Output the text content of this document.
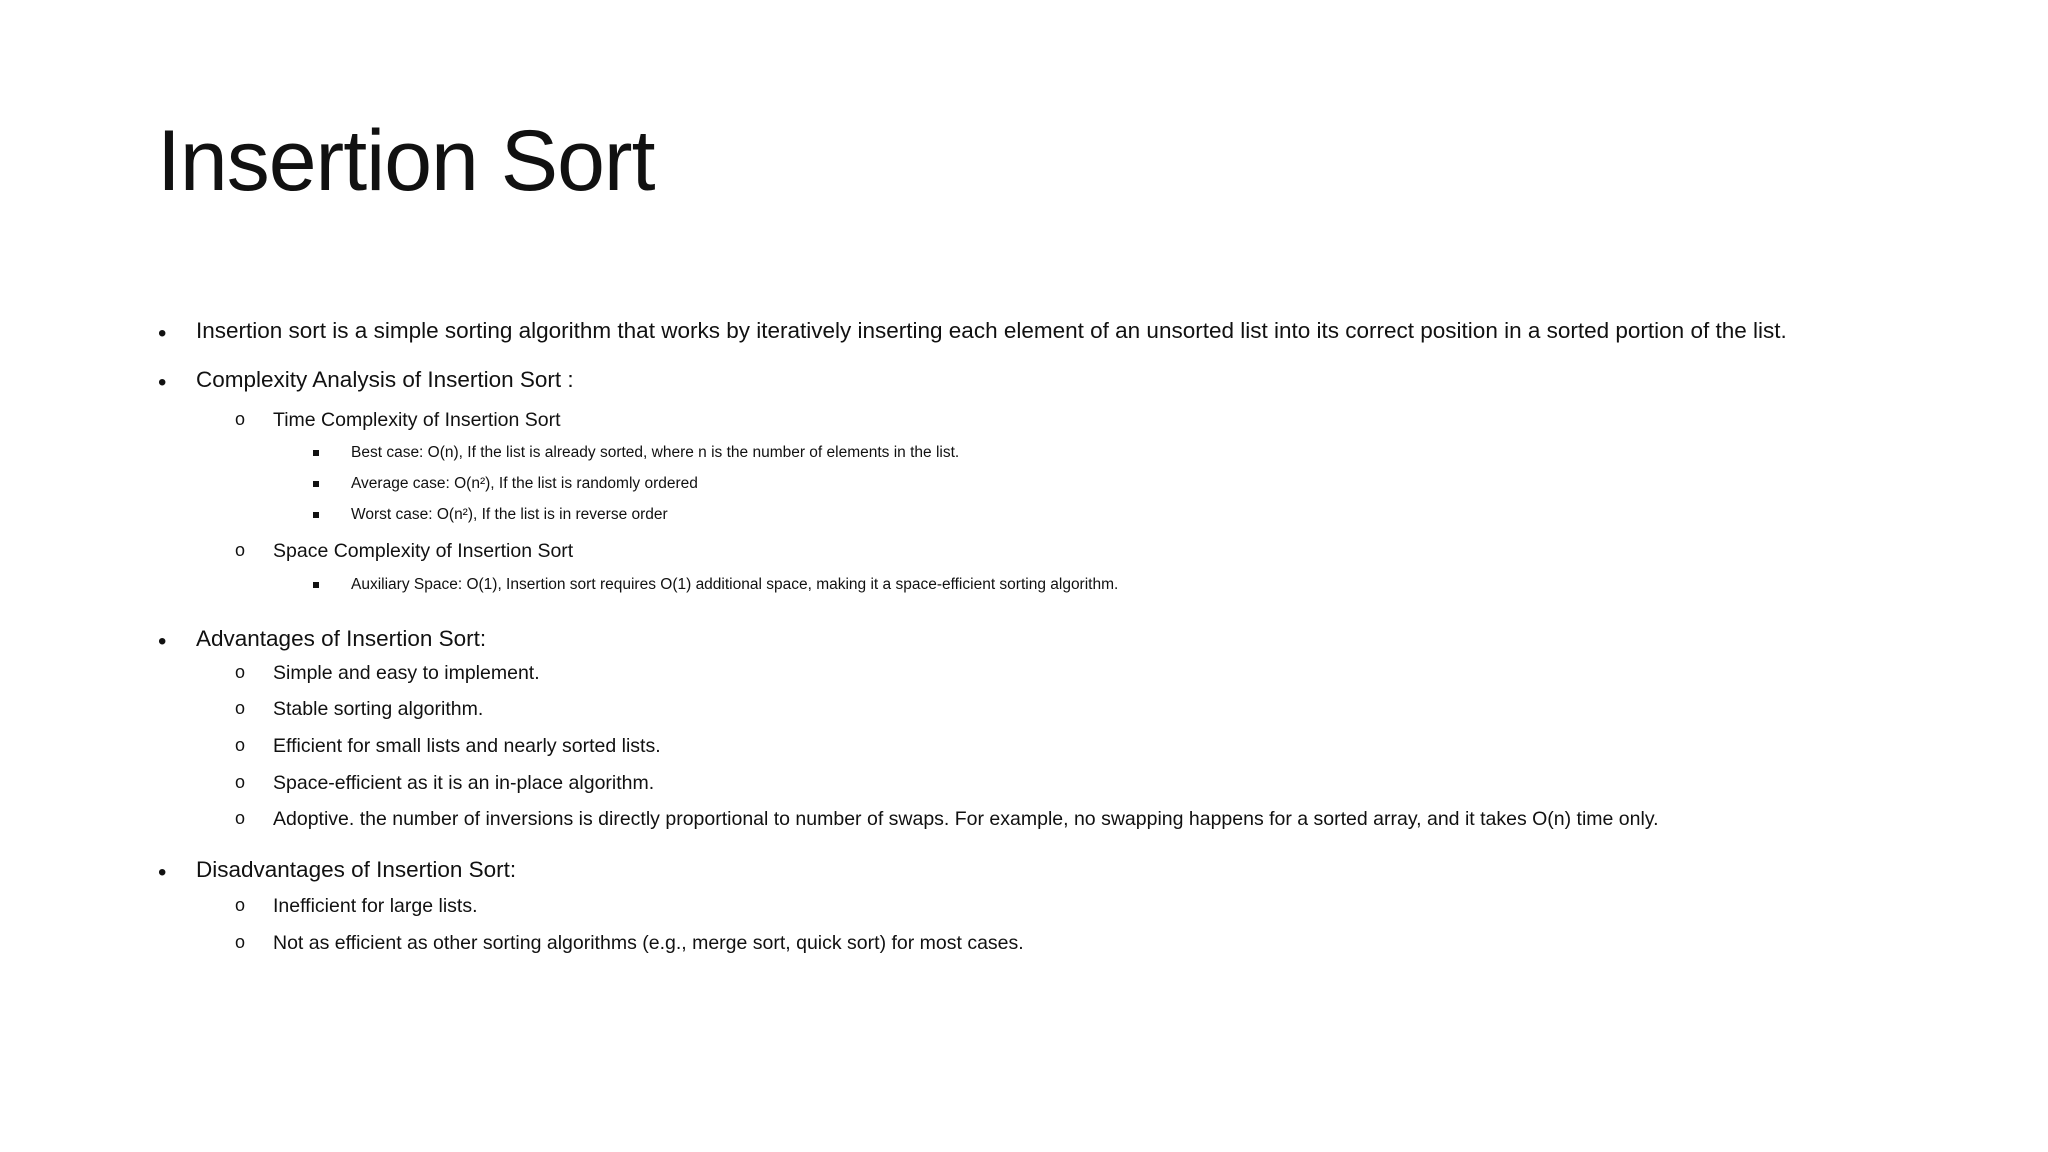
Insertion Sort
• Insertion sort is a simple sorting algorithm that works by iteratively inserting each element of an unsorted list into its correct position in a sorted portion of the list.
• Complexity Analysis of Insertion Sort :
o Time Complexity of Insertion Sort
Best case: O(n), If the list is already sorted, where n is the number of elements in the list.
Average case: O(n²), If the list is randomly ordered
Worst case: O(n²), If the list is in reverse order
o Space Complexity of Insertion Sort
Auxiliary Space: O(1), Insertion sort requires O(1) additional space, making it a space-efficient sorting algorithm.
• Advantages of Insertion Sort:
o Simple and easy to implement.
o Stable sorting algorithm.
o Efficient for small lists and nearly sorted lists.
o Space-efficient as it is an in-place algorithm.
o Adoptive. the number of inversions is directly proportional to number of swaps. For example, no swapping happens for a sorted array, and it takes O(n) time only.
• Disadvantages of Insertion Sort:
o Inefficient for large lists.
o Not as efficient as other sorting algorithms (e.g., merge sort, quick sort) for most cases.
